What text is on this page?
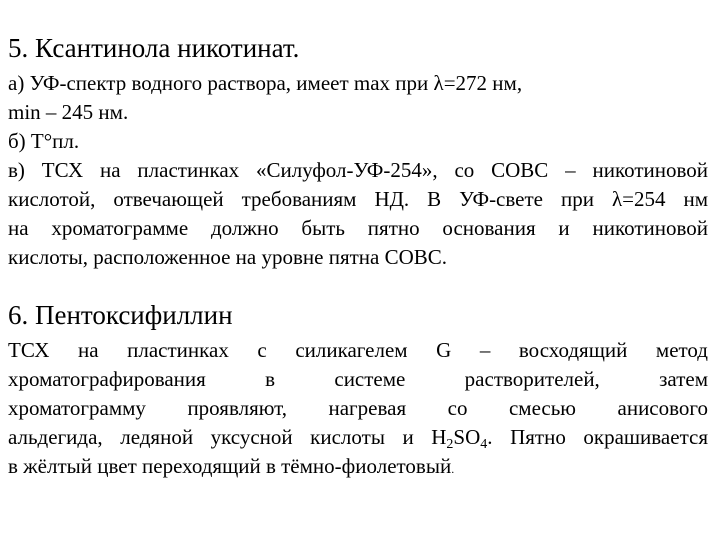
5. Ксантинола никотинат.
а) УФ-спектр водного раствора, имеет max при λ=272 нм,
min – 245 нм.
б) T°пл.
в) ТСХ на пластинках «Силуфол-УФ-254», со СОВС – никотиновой
кислотой, отвечающей требованиям НД. В УФ-свете при λ=254 нм
на хроматограмме должно быть пятно основания и никотиновой
кислоты, расположенное на уровне пятна СОВС.
6. Пентоксифиллин
ТСХ на пластинках с силикагелем G – восходящий метод
хроматографирования в системе растворителей, затем
хроматограмму проявляют, нагревая со смесью анисового
альдегида, ледяной уксусной кислоты и $H_2SO_4$. Пятно окрашивается
в жёлтый цвет переходящий в тёмно-фиолетовый.
